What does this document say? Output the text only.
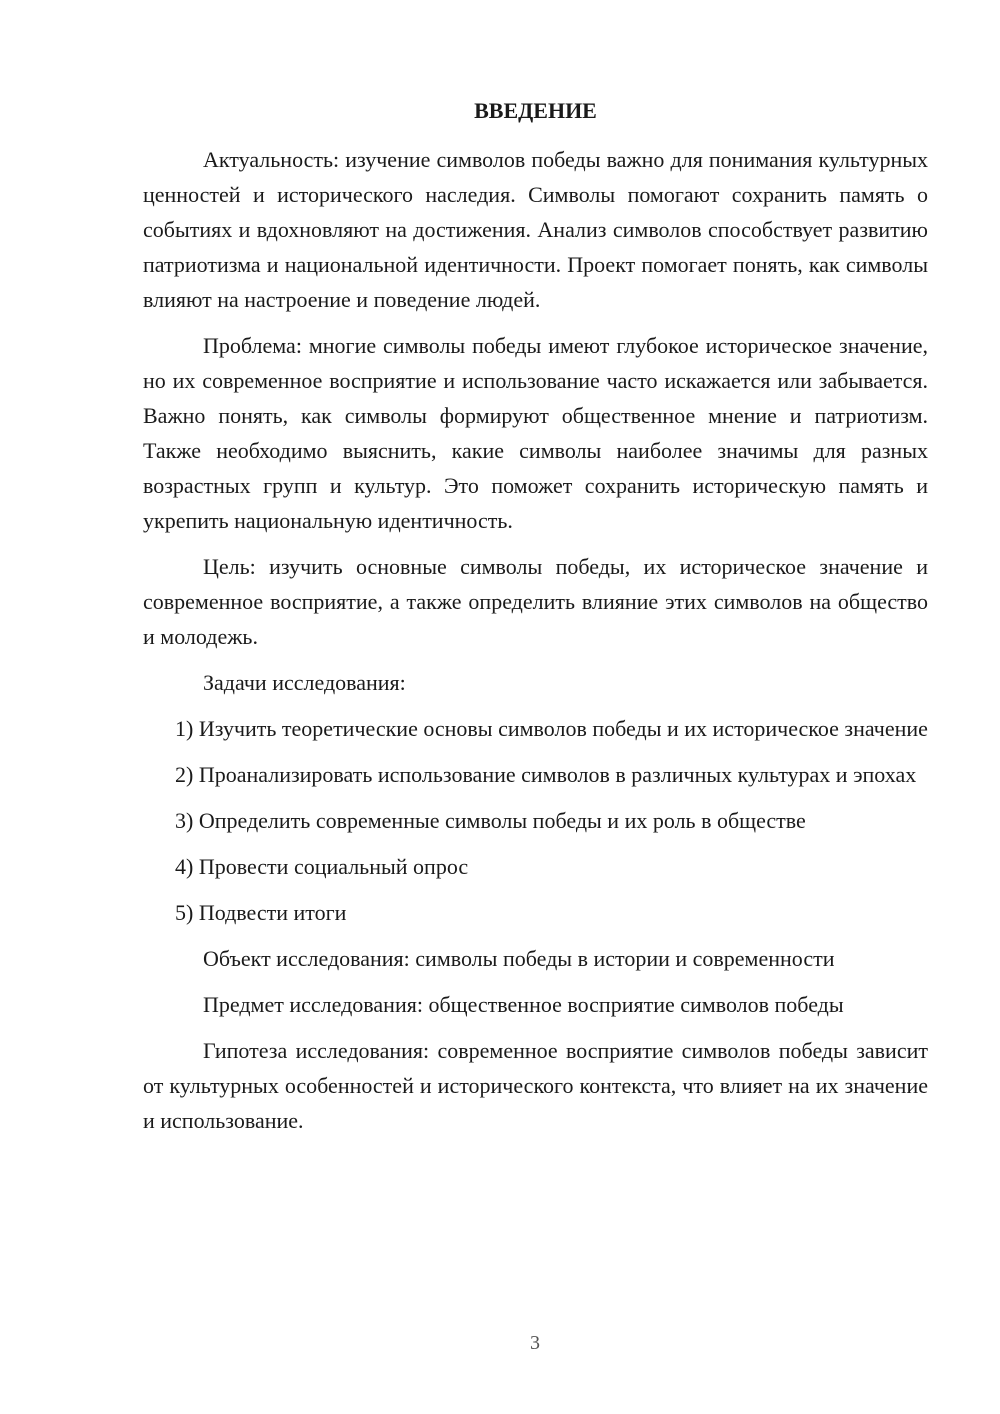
ВВЕДЕНИЕ

Актуальность: изучение символов победы важно для понимания культурных ценностей и исторического наследия. Символы помогают сохранить память о событиях и вдохновляют на достижения. Анализ символов способствует развитию патриотизма и национальной идентичности. Проект помогает понять, как символы влияют на настроение и поведение людей.

Проблема: многие символы победы имеют глубокое историческое значение, но их современное восприятие и использование часто искажается или забывается. Важно понять, как символы формируют общественное мнение и патриотизм. Также необходимо выяснить, какие символы наиболее значимы для разных возрастных групп и культур. Это поможет сохранить историческую память и укрепить национальную идентичность.

Цель: изучить основные символы победы, их историческое значение и современное восприятие, а также определить влияние этих символов на общество и молодежь.

Задачи исследования:

1) Изучить теоретические основы символов победы и их историческое значение

2) Проанализировать использование символов в различных культурах и эпохах

3) Определить современные символы победы и их роль в обществе

4) Провести социальный опрос

5) Подвести итоги

Объект исследования: символы победы в истории и современности

Предмет исследования: общественное восприятие символов победы

Гипотеза исследования: современное восприятие символов победы зависит от культурных особенностей и исторического контекста, что влияет на их значение и использование.

3
